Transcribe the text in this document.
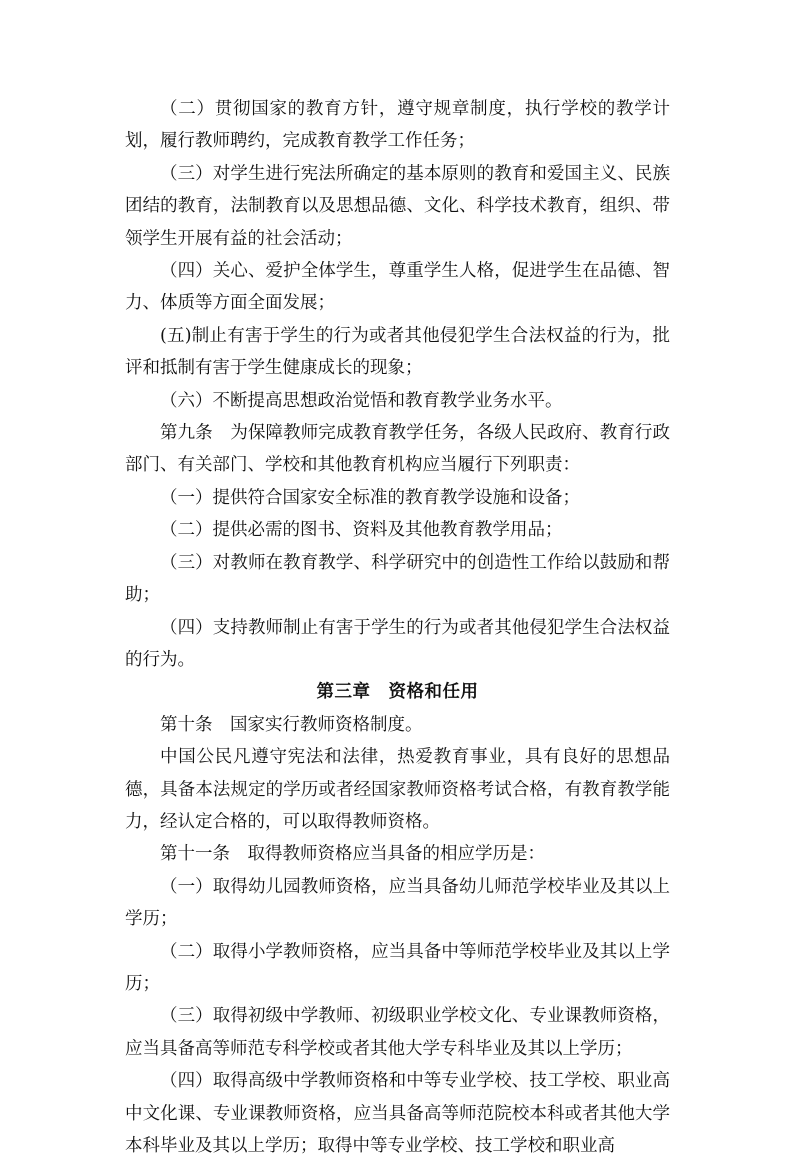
（二）贯彻国家的教育方针，遵守规章制度，执行学校的教学计划，履行教师聘约，完成教育教学工作任务；

（三）对学生进行宪法所确定的基本原则的教育和爱国主义、民族团结的教育，法制教育以及思想品德、文化、科学技术教育，组织、带领学生开展有益的社会活动；

（四）关心、爱护全体学生，尊重学生人格，促进学生在品德、智力、体质等方面全面发展；

(五)制止有害于学生的行为或者其他侵犯学生合法权益的行为，批评和抵制有害于学生健康成长的现象；

（六）不断提高思想政治觉悟和教育教学业务水平。

第九条　为保障教师完成教育教学任务，各级人民政府、教育行政部门、有关部门、学校和其他教育机构应当履行下列职责：

（一）提供符合国家安全标准的教育教学设施和设备；

（二）提供必需的图书、资料及其他教育教学用品；

（三）对教师在教育教学、科学研究中的创造性工作给以鼓励和帮助；

（四）支持教师制止有害于学生的行为或者其他侵犯学生合法权益的行为。

第三章　资格和任用

第十条　国家实行教师资格制度。

中国公民凡遵守宪法和法律，热爱教育事业，具有良好的思想品德，具备本法规定的学历或者经国家教师资格考试合格，有教育教学能力，经认定合格的，可以取得教师资格。

第十一条　取得教师资格应当具备的相应学历是：

（一）取得幼儿园教师资格，应当具备幼儿师范学校毕业及其以上学历；

（二）取得小学教师资格，应当具备中等师范学校毕业及其以上学历；

（三）取得初级中学教师、初级职业学校文化、专业课教师资格，应当具备高等师范专科学校或者其他大学专科毕业及其以上学历；

（四）取得高级中学教师资格和中等专业学校、技工学校、职业高中文化课、专业课教师资格，应当具备高等师范院校本科或者其他大学本科毕业及其以上学历；取得中等专业学校、技工学校和职业高
